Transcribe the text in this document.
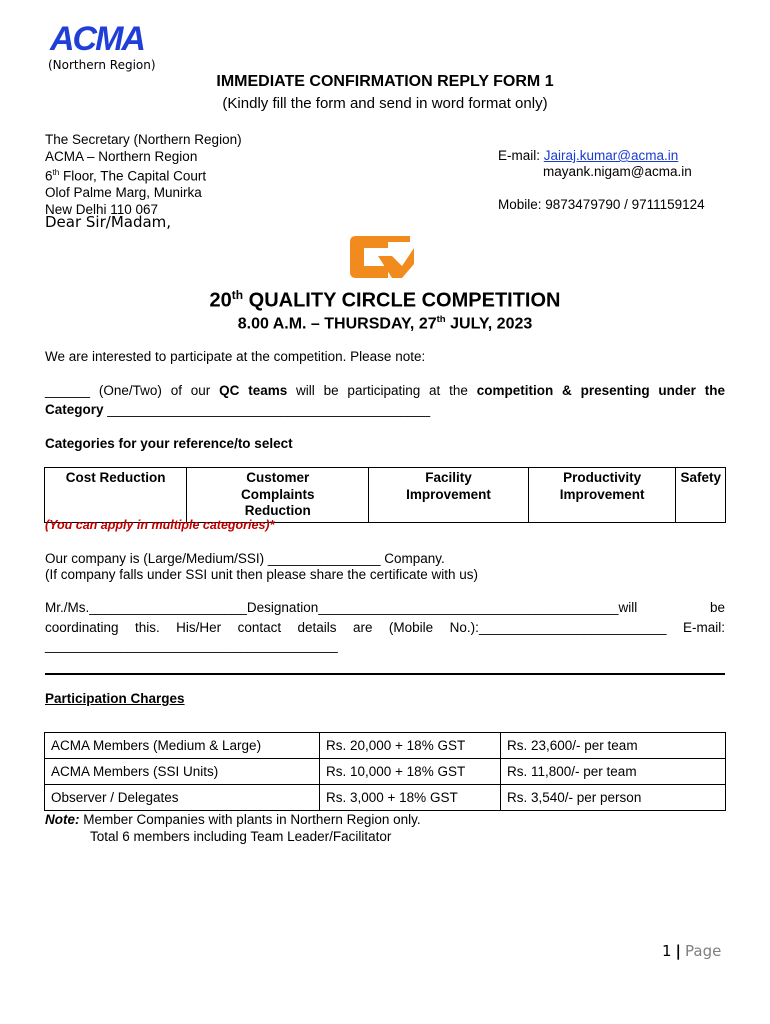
ACMA
(Northern Region)
IMMEDIATE CONFIRMATION REPLY FORM 1
(Kindly fill the form and send in word format only)
The Secretary (Northern Region)
ACMA – Northern Region
6th Floor, The Capital Court
Olof Palme Marg, Munirka
New Delhi 110 067
E-mail: Jairaj.kumar@acma.in
mayank.nigam@acma.in
Mobile: 9873479790 / 9711159124
Dear Sir/Madam,
20th QUALITY CIRCLE COMPETITION
8.00 A.M. – THURSDAY, 27th JULY, 2023
We are interested to participate at the competition. Please note:
______ (One/Two) of our QC teams will be participating at the competition & presenting under the
Category ___________________________________________
Categories for your reference/to select
Cost Reduction	Customer Complaints Reduction	Facility Improvement	Productivity Improvement	Safety
(You can apply in multiple categories)*
Our company is (Large/Medium/SSI) _______________ Company.
(If company falls under SSI unit then please share the certificate with us)
Mr./Ms._____________________Designation________________________________________will be
coordinating this. His/Her contact details are (Mobile No.):_________________________ E-mail:
_______________________________________
Participation Charges
ACMA Members (Medium & Large)	Rs. 20,000 + 18% GST	Rs. 23,600/- per team
ACMA Members (SSI Units)	Rs. 10,000 + 18% GST	Rs. 11,800/- per team
Observer / Delegates	Rs. 3,000 + 18% GST	Rs. 3,540/- per person
Note: Member Companies with plants in Northern Region only.
Total 6 members including Team Leader/Facilitator
1 | Page
